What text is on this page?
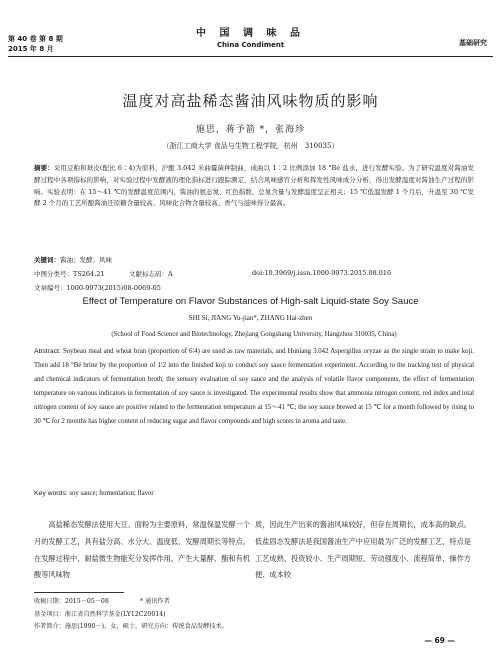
第 40 卷 第 8 期
2015 年 8 月
中 国 调 味 品
China Condiment	基础研究
温度对高盐稀态酱油风味物质的影响
施思，蒋予箭 *，张海珍
（浙江工商大学 食品与生物工程学院，杭州　310035）
摘要：采用豆粕和麸皮(配比 6∶4)为原料，沪酿 3.042 米曲霉菌种制曲，成曲以 1∶2 比例添加 18 °Bé 盐水，进行发酵实验。为了研究温度对酱油发酵过程中各项指标的影响，对实验过程中发酵液的理化指标进行跟踪测定，结合风味感官分析和挥发性风味成分分析，得出发酵温度对酱油生产过程的影响。实验表明：在 15～41 ℃的发酵温度范围内，酱油的氨态氮、红色指数、总氮含量与发酵温度呈正相关；15 ℃低温发酵 1 个月后，升温至 30 ℃发酵 2 个月的工艺所酿酱油还原糖含量较高、风味化合物含量较高、香气与滋味得分最高。
关键词：酱油；发酵；风味
中图分类号：TS264.21	文献标志码：A	doi:10.3969/j.issn.1000-9973.2015.08.016
文章编号：1000-9973(2015)08-0069-05
Effect of Temperature on Flavor Substances of High-salt Liquid-state Soy Sauce
SHI Si, JIANG Yu-jian*, ZHANG Hai-zhen
(School of Food Science and Biotechnology, Zhejiang Gongshang University, Hangzhou 310035, China)
Abstract: Soybean meal and wheat bran (proportion of 6∶4) are used as raw materials, and Huniang 3.042 Aspergillus oryzae as the single strain to make koji. Then add 18 °Bé brine by the proportion of 1∶2 into the finished koji to conduct soy sauce fermentation experiment. According to the tracking test of physical and chemical indicators of fermentation broth, the sensory evaluation of soy sauce and the analysis of volatile flavor components, the effect of fermentation temperature on various indicators in fermentation of soy sauce is investigated. The experimental results show that ammonia nitrogen content, red index and total nitrogen content of soy sauce are positive related to the fermentation temperature at 15～41 ℃; the soy sauce brewed at 15 ℃ for a month followed by rising to 30 ℃ for 2 months has higher content of reducing sugar and flavor compounds and high scores in aroma and taste.
Key words: soy sauce; fermentation; flavor
高盐稀态发酵法使用大豆、面粉为主要原料，常温保温发酵一个月的发酵工艺，具有盐分高、水分大、温度低、发酵周期长等特点。在发酵过程中，耐盐微生物能充分发挥作用，产生大量酵、酯和有机酸等风味物
质，因此生产出来的酱油风味较好，但存在周期长，成本高的缺点。低盐固态发酵法是我国酱油生产中应用最为广泛的发酵工艺，特点是工艺成熟、投资较小、生产周期短、劳动强度小、流程简单，操作方便、成本较
收稿日期：2015－05－08	* 通讯作者
基金项目：浙江省自然科学基金(LY12C20014)
作者简介：施思(1990－)，女，硕士，研究方向：传统食品发酵技术。
— 69 —
